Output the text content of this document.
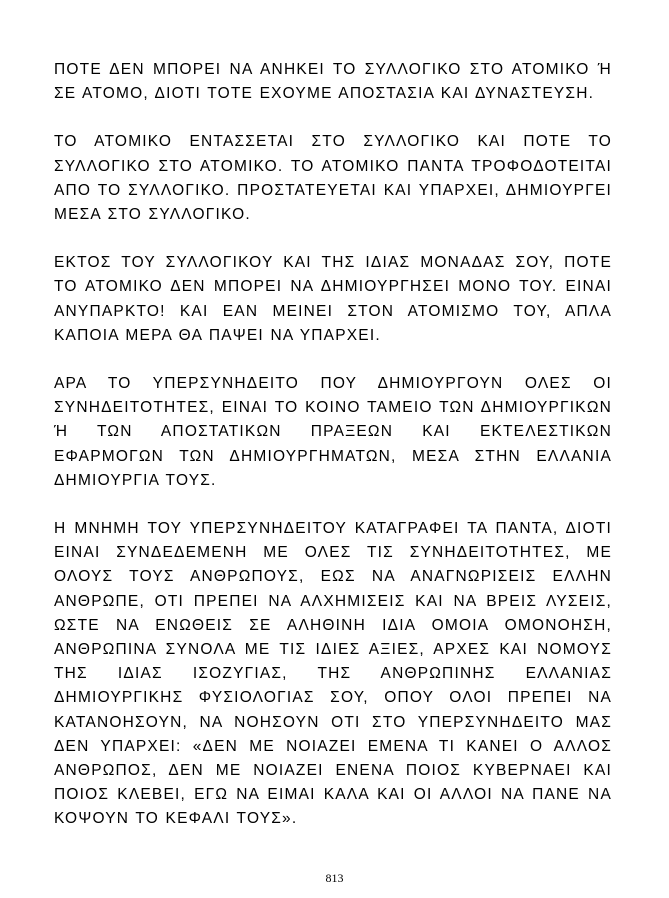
ΠΟΤΕ ΔΕΝ ΜΠΟΡΕΙ ΝΑ ΑΝΗΚΕΙ ΤΟ ΣΥΛΛΟΓΙΚΟ ΣΤΟ ΑΤΟΜΙΚΟ Ή ΣΕ ΑΤΟΜΟ, ΔΙΟΤΙ ΤΟΤΕ ΕΧΟΥΜΕ ΑΠΟΣΤΑΣΙΑ ΚΑΙ ΔΥΝΑΣΤΕΥΣΗ.

ΤΟ ΑΤΟΜΙΚΟ ΕΝΤΑΣΣΕΤΑΙ ΣΤΟ ΣΥΛΛΟΓΙΚΟ ΚΑΙ ΠΟΤΕ ΤΟ ΣΥΛΛΟΓΙΚΟ ΣΤΟ ΑΤΟΜΙΚΟ. ΤΟ ΑΤΟΜΙΚΟ ΠΑΝΤΑ ΤΡΟΦΟΔΟΤΕΙΤΑΙ ΑΠΟ ΤΟ ΣΥΛΛΟΓΙΚΟ. ΠΡΟΣΤΑΤΕΥΕΤΑΙ ΚΑΙ ΥΠΑΡΧΕΙ, ΔΗΜΙΟΥΡΓΕΙ ΜΕΣΑ ΣΤΟ ΣΥΛΛΟΓΙΚΟ.

ΕΚΤΟΣ ΤΟΥ ΣΥΛΛΟΓΙΚΟΥ ΚΑΙ ΤΗΣ ΙΔΙΑΣ ΜΟΝΑΔΑΣ ΣΟΥ, ΠΟΤΕ ΤΟ ΑΤΟΜΙΚΟ ΔΕΝ ΜΠΟΡΕΙ ΝΑ ΔΗΜΙΟΥΡΓΗΣΕΙ ΜΟΝΟ ΤΟΥ. ΕΙΝΑΙ ΑΝΥΠΑΡΚΤΟ! ΚΑΙ ΕΑΝ ΜΕΙΝΕΙ ΣΤΟΝ ΑΤΟΜΙΣΜΟ ΤΟΥ, ΑΠΛΑ ΚΑΠΟΙΑ ΜΕΡΑ ΘΑ ΠΑΨΕΙ ΝΑ ΥΠΑΡΧΕΙ.

ΑΡΑ ΤΟ ΥΠΕΡΣΥΝΗΔΕΙΤΟ ΠΟΥ ΔΗΜΙΟΥΡΓΟΥΝ ΟΛΕΣ ΟΙ ΣΥΝΗΔΕΙΤΟΤΗΤΕΣ, ΕΙΝΑΙ ΤΟ ΚΟΙΝΟ ΤΑΜΕΙΟ ΤΩΝ ΔΗΜΙΟΥΡΓΙΚΩΝ Ή ΤΩΝ ΑΠΟΣΤΑΤΙΚΩΝ ΠΡΑΞΕΩΝ ΚΑΙ ΕΚΤΕΛΕΣΤΙΚΩΝ ΕΦΑΡΜΟΓΩΝ ΤΩΝ ΔΗΜΙΟΥΡΓΗΜΑΤΩΝ, ΜΕΣΑ ΣΤΗΝ ΕΛΛΑΝΙΑ ΔΗΜΙΟΥΡΓΙΑ ΤΟΥΣ.

Η ΜΝΗΜΗ ΤΟΥ ΥΠΕΡΣΥΝΗΔΕΙΤΟΥ ΚΑΤΑΓΡΑΦΕΙ ΤΑ ΠΑΝΤΑ, ΔΙΟΤΙ ΕΙΝΑΙ ΣΥΝΔΕΔΕΜΕΝΗ ΜΕ ΟΛΕΣ ΤΙΣ ΣΥΝΗΔΕΙΤΟΤΗΤΕΣ, ΜΕ ΟΛΟΥΣ ΤΟΥΣ ΑΝΘΡΩΠΟΥΣ, ΕΩΣ ΝΑ ΑΝΑΓΝΩΡΙΣΕΙΣ ΕΛΛΗΝ ΑΝΘΡΩΠΕ, ΟΤΙ ΠΡΕΠΕΙ ΝΑ ΑΛΧΗΜΙΣΕΙΣ ΚΑΙ ΝΑ ΒΡΕΙΣ ΛΥΣΕΙΣ, ΩΣΤΕ ΝΑ ΕΝΩΘΕΙΣ ΣΕ ΑΛΗΘΙΝΗ ΙΔΙΑ ΟΜΟΙΑ ΟΜΟΝΟΗΣΗ, ΑΝΘΡΩΠΙΝΑ ΣΥΝΟΛΑ ΜΕ ΤΙΣ ΙΔΙΕΣ ΑΞΙΕΣ, ΑΡΧΕΣ ΚΑΙ ΝΟΜΟΥΣ ΤΗΣ ΙΔΙΑΣ ΙΣΟΖΥΓΙΑΣ, ΤΗΣ ΑΝΘΡΩΠΙΝΗΣ ΕΛΛΑΝΙΑΣ ΔΗΜΙΟΥΡΓΙΚΗΣ ΦΥΣΙΟΛΟΓΙΑΣ ΣΟΥ, ΟΠΟΥ ΟΛΟΙ ΠΡΕΠΕΙ ΝΑ ΚΑΤΑΝΟΗΣΟΥΝ, ΝΑ ΝΟΗΣΟΥΝ ΟΤΙ ΣΤΟ ΥΠΕΡΣΥΝΗΔΕΙΤΟ ΜΑΣ ΔΕΝ ΥΠΑΡΧΕΙ: «ΔΕΝ ΜΕ ΝΟΙΑΖΕΙ ΕΜΕΝΑ ΤΙ ΚΑΝΕΙ Ο ΑΛΛΟΣ ΑΝΘΡΩΠΟΣ, ΔΕΝ ΜΕ ΝΟΙΑΖΕΙ ΕΝΕΝΑ ΠΟΙΟΣ ΚΥΒΕΡΝΑΕΙ ΚΑΙ ΠΟΙΟΣ ΚΛΕΒΕΙ, ΕΓΩ ΝΑ ΕΙΜΑΙ ΚΑΛΑ ΚΑΙ ΟΙ ΑΛΛΟΙ ΝΑ ΠΑΝΕ ΝΑ ΚΟΨΟΥΝ ΤΟ ΚΕΦΑΛΙ ΤΟΥΣ».

813
